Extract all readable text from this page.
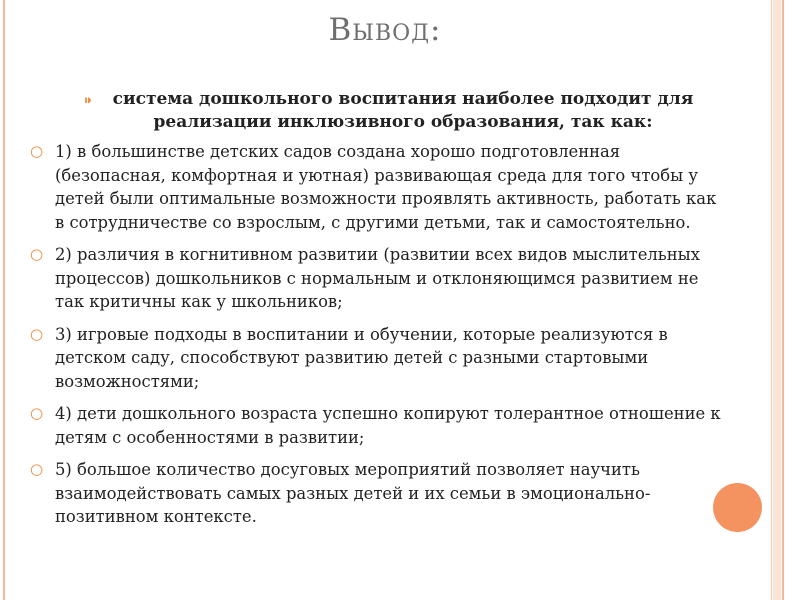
Вывод:
⁍ система дошкольного воспитания наиболее подходит для реализации инклюзивного образования, так как:
○ 1) в большинстве детских садов создана хорошо подготовленная (безопасная, комфортная и уютная) развивающая среда для того чтобы у детей были оптимальные возможности проявлять активность, работать как в сотрудничестве со взрослым, с другими детьми, так и самостоятельно.
○ 2) различия в когнитивном развитии (развитии всех видов мыслительных процессов) дошкольников с нормальным и отклоняющимся развитием не так критичны как у школьников;
○ 3) игровые подходы в воспитании и обучении, которые реализуются в детском саду, способствуют развитию детей с разными стартовыми возможностями;
○ 4) дети дошкольного возраста успешно копируют толерантное отношение к детям с особенностями в развитии;
○ 5) большое количество досуговых мероприятий позволяет научить взаимодействовать самых разных детей и их семьи в эмоционально-позитивном контексте.
